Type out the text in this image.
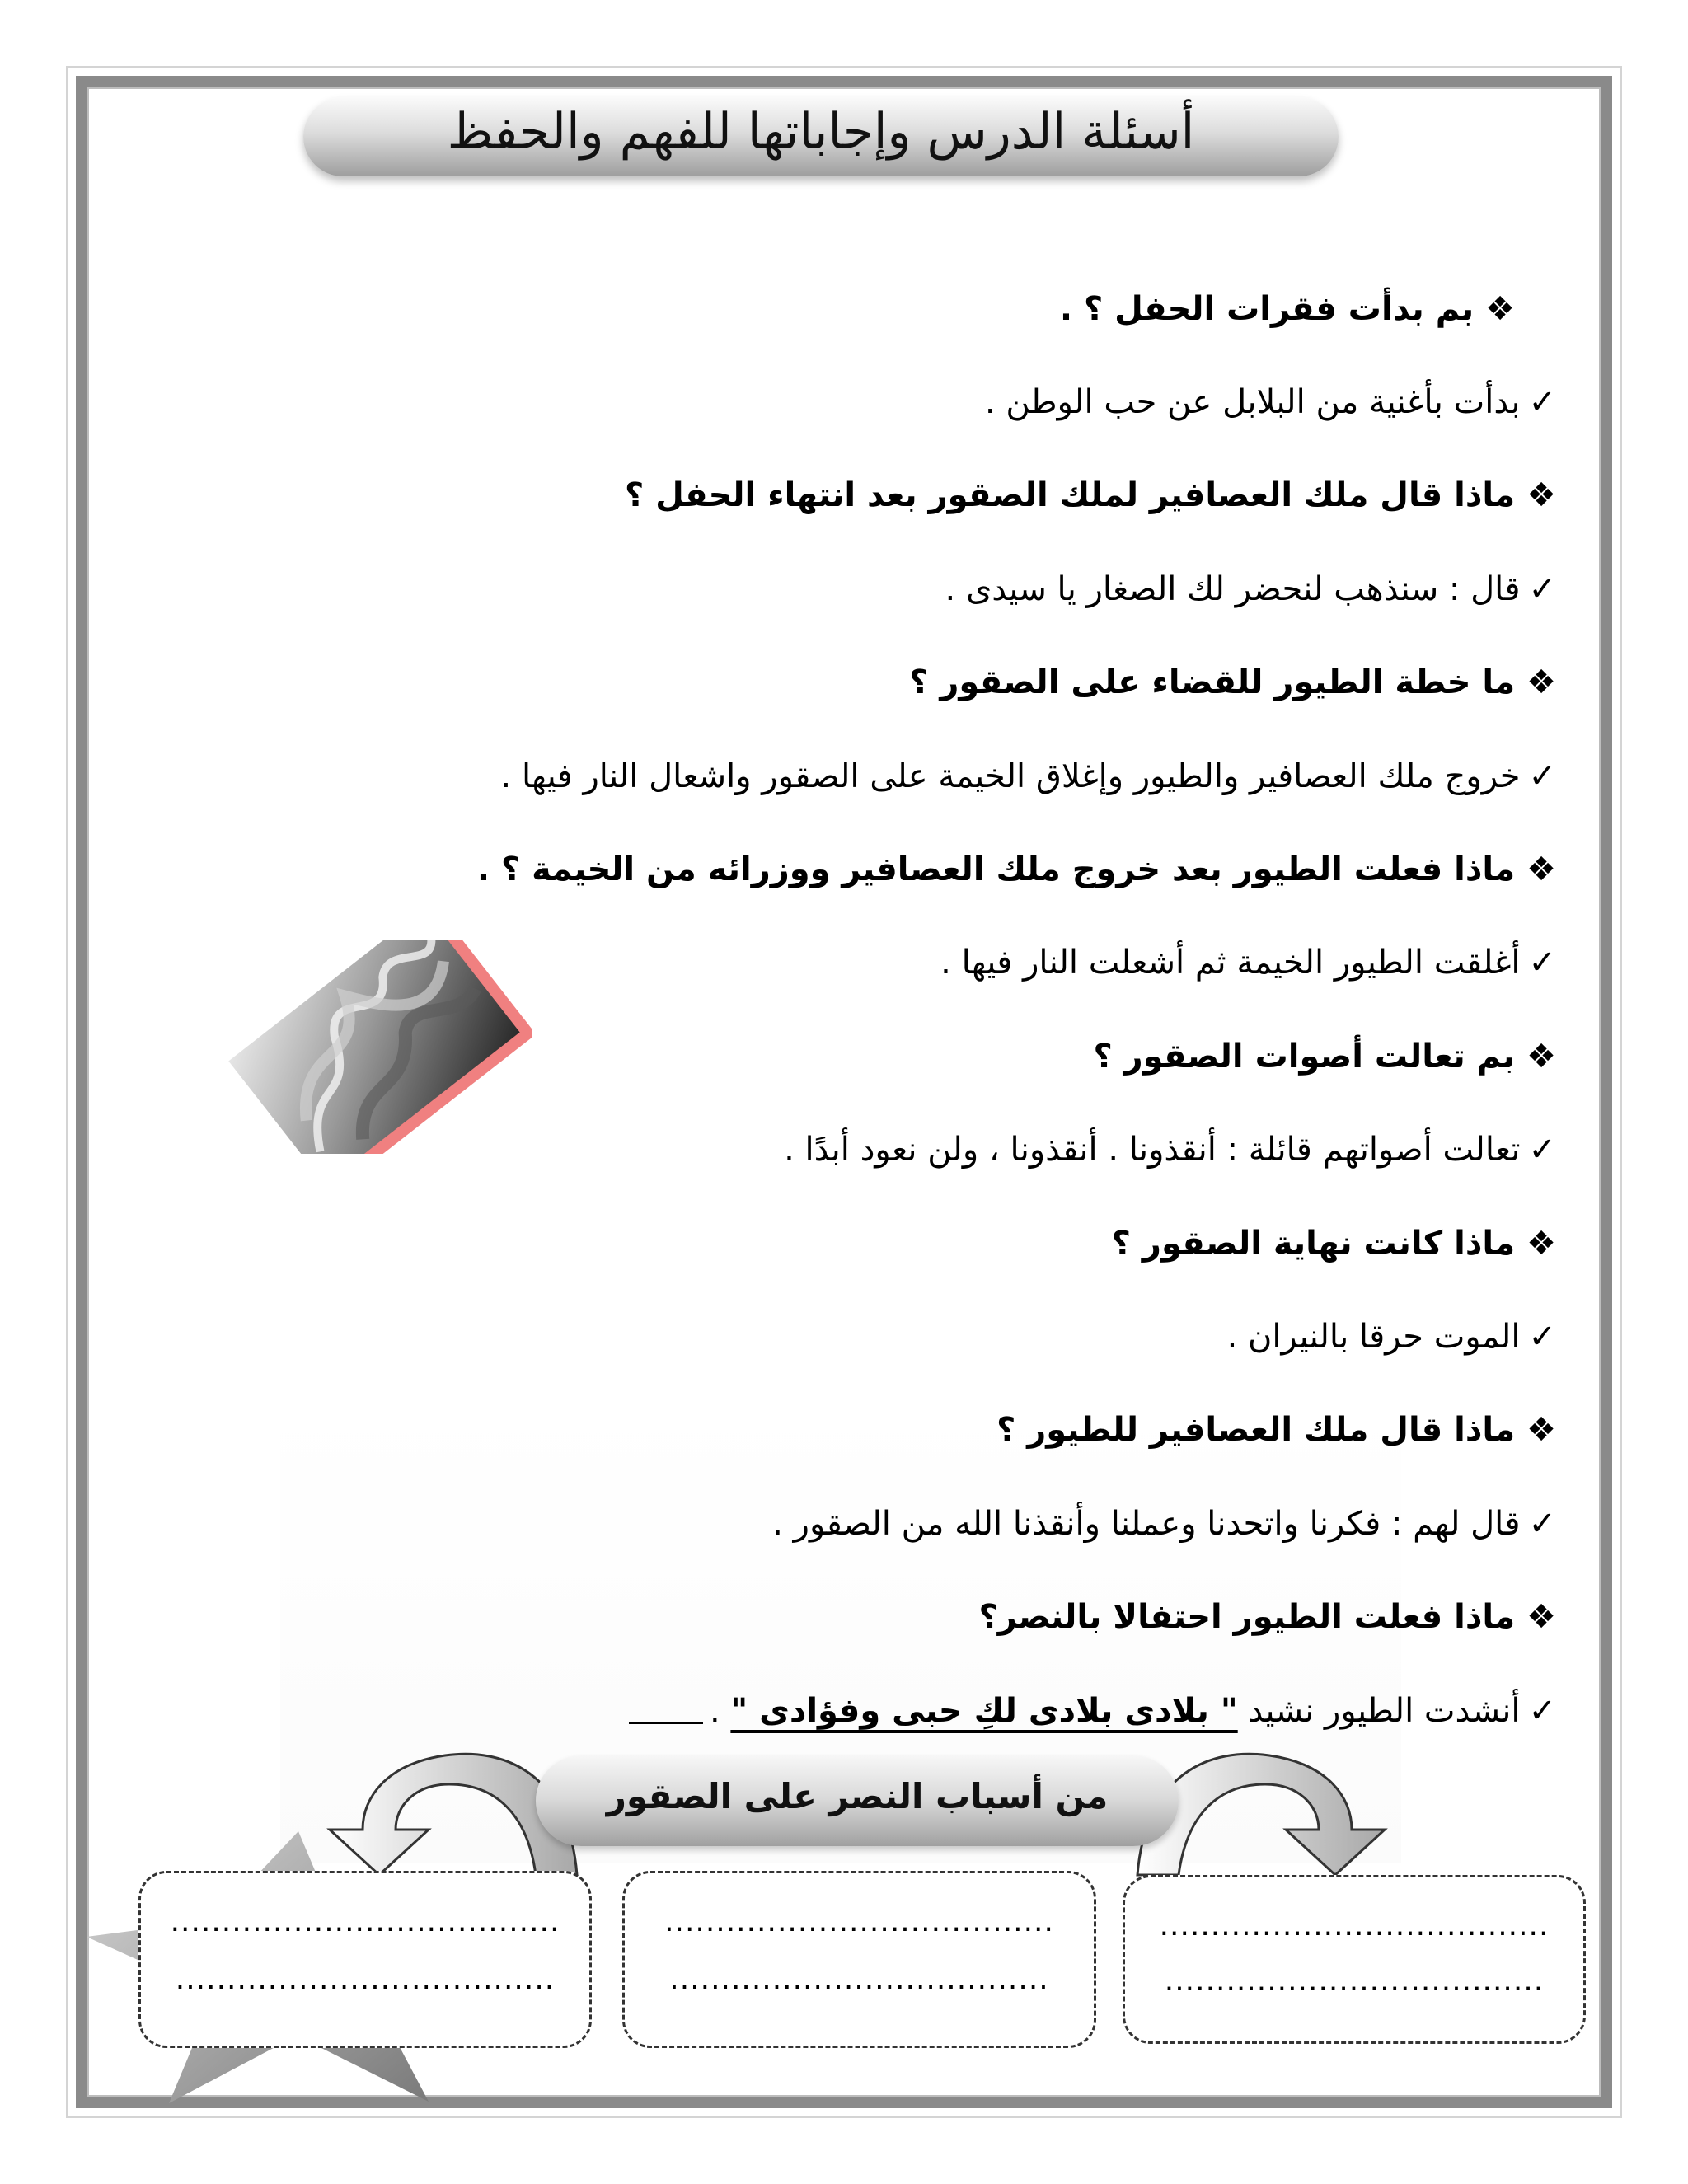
أسئلة الدرس وإجاباتها للفهم والحفظ
❖
بم بدأت فقرات الحفل ؟ .
✓
بدأت بأغنية من البلابل عن حب الوطن .
❖
ماذا قال ملك العصافير لملك الصقور بعد انتهاء الحفل ؟
✓
قال : سنذهب لنحضر لك الصغار يا سيدى .
❖
ما خطة الطيور للقضاء على الصقور ؟
✓
خروج ملك العصافير والطيور وإغلاق الخيمة على الصقور واشعال النار فيها .
❖
ماذا فعلت الطيور بعد خروج ملك العصافير ووزرائه من الخيمة ؟ .
✓
أغلقت الطيور الخيمة ثم أشعلت النار فيها .
❖
بم تعالت أصوات الصقور ؟
✓
تعالت أصواتهم قائلة : أنقذونا . أنقذونا ، ولن نعود أبدًا .
❖
ماذا كانت نهاية الصقور ؟
✓
الموت حرقا بالنيران .
❖
ماذا قال ملك العصافير للطيور ؟
✓
قال لهم : فكرنا واتحدنا وعملنا وأنقذنا الله من الصقور .
❖
ماذا فعلت الطيور احتفالا بالنصر؟
✓
أنشدت الطيور نشيد

" بلادى بلادى لكِ حبى وفؤادى "

.
من أسباب النصر على الصقور
......................................
.....................................
......................................
.....................................
......................................
.....................................
